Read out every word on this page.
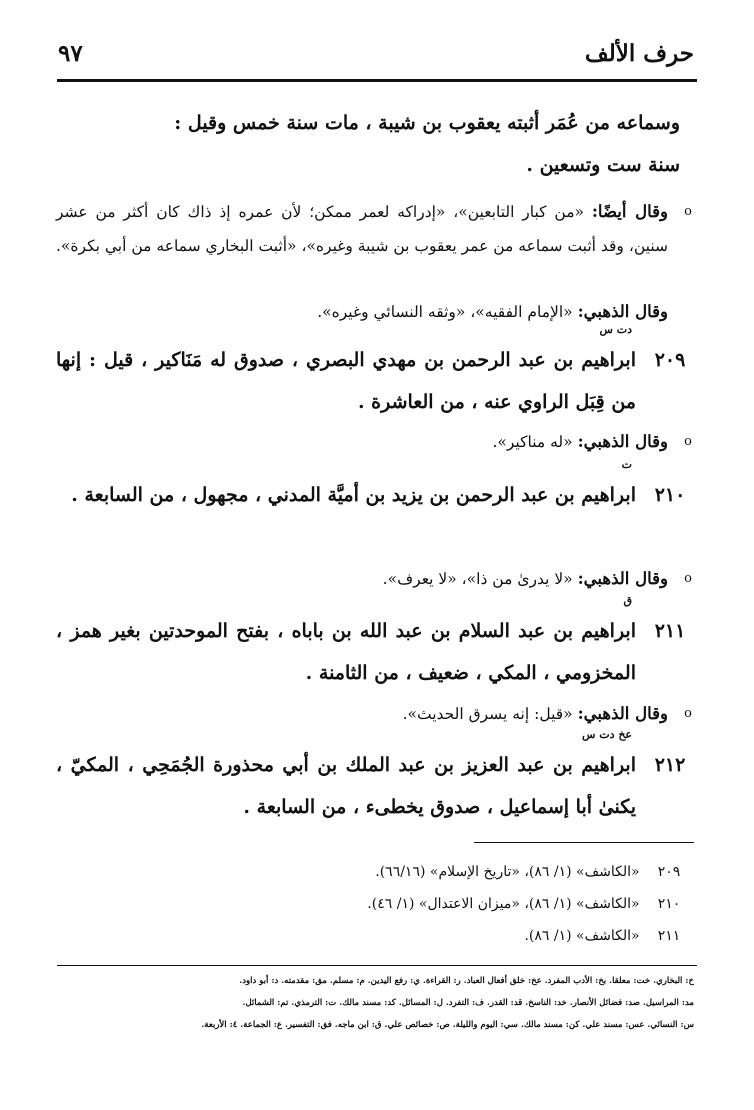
حرف الألف
٩٧
وسماعه من عُمَر أثبته يعقوب بن شيبة ، مات سنة خمس وقيل :
سنة ست وتسعين .
o
وقال أيضًا: «من كبار التابعين»، «إدراكه لعمر ممكن؛ لأن عمره إذ ذاك كان أكثر من عشر سنين، وقد أثبت سماعه من عمر يعقوب بن شيبة وغيره»، «أثبت البخاري سماعه من أبي بكرة».
وقال الذهبي: «الإمام الفقيه»، «وثقه النسائي وغيره».
دت س
٢٠٩
ابراهيم بن عبد الرحمن بن مهدي البصري ، صدوق له مَنَاكير ، قيل : إنها من قِبَل الراوي عنه ، من العاشرة .
o
وقال الذهبي: «له مناكير».
ت
٢١٠
ابراهيم بن عبد الرحمن بن يزيد بن أميَّة المدني ، مجهول ، من السابعة .
o
وقال الذهبي: «لا يدرىٰ من ذا»، «لا يعرف».
ق
٢١١
ابراهيم بن عبد السلام بن عبد الله بن باباه ، بفتح الموحدتين بغير همز ، المخزومي ، المكي ، ضعيف ، من الثامنة .
o
وقال الذهبي: «قيل: إنه يسرق الحديث».
عخ دت س
٢١٢
ابراهيم بن عبد العزيز بن عبد الملك بن أبي محذورة الجُمَحِي ، المكيّ ، يكنىٰ أبا إسماعيل ، صدوق يخطىء ، من السابعة .
٢٠٩ «الكاشف» (١/ ٨٦)، «تاريخ الإسلام» (٦٦/١٦).
٢١٠ «الكاشف» (١/ ٨٦)، «ميزان الاعتدال» (١/ ٤٦).
٢١١ «الكاشف» (١/ ٨٦).
خ: البخاري. خت: معلقا. بخ: الأدب المفرد. عخ: خلق أفعال العباد. ر: القراءة. ي: رفع اليدين. م: مسلم. مق: مقدمته. د: أبو داود.
مد: المراسيل. صد: فضائل الأنصار. خد: الناسخ. قد: القدر. ف: التفرد. ل: المسائل. كد: مسند مالك. ت: الترمذي. تم: الشمائل.
س: النسائي. عس: مسند علي. كن: مسند مالك. سي: اليوم والليلة. ص: خصائص علي. ق: ابن ماجه. فق: التفسير. ع: الجماعة. ٤: الأربعة.
